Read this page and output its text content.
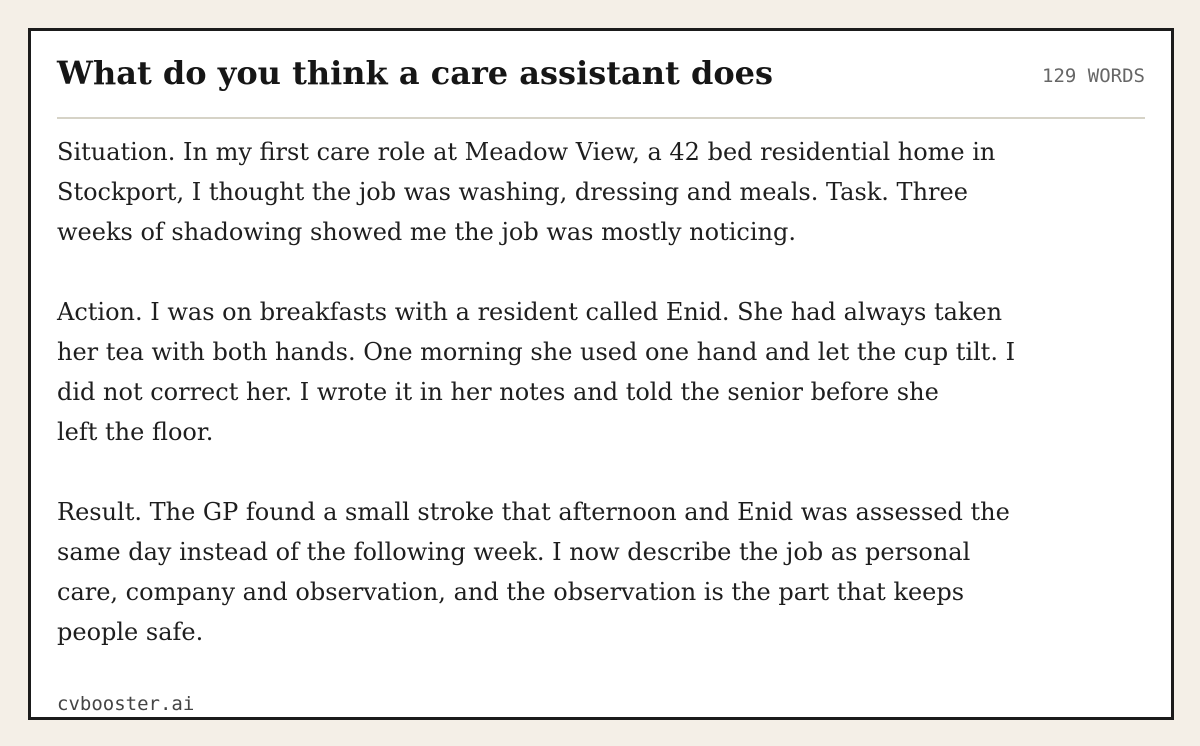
What do you think a care assistant does	129 WORDS

Situation. In my first care role at Meadow View, a 42 bed residential home in
Stockport, I thought the job was washing, dressing and meals. Task. Three
weeks of shadowing showed me the job was mostly noticing.

Action. I was on breakfasts with a resident called Enid. She had always taken
her tea with both hands. One morning she used one hand and let the cup tilt. I
did not correct her. I wrote it in her notes and told the senior before she
left the floor.

Result. The GP found a small stroke that afternoon and Enid was assessed the
same day instead of the following week. I now describe the job as personal
care, company and observation, and the observation is the part that keeps
people safe.

cvbooster.ai
